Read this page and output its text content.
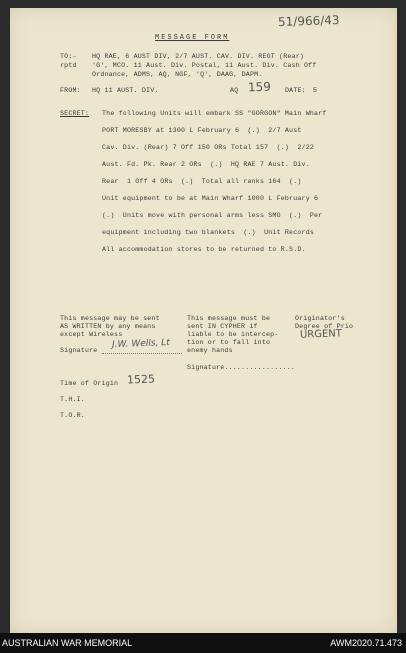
51/966/43
MESSAGE FORM
TO:-
rptd
HQ RAE, 6 AUST DIV, 2/7 AUST. CAV. DIV. REGT (Rear)
'G', MCO. 11 Aust. Div. Postal, 11 Aust. Div. Cash Off
Ordnance, ADMS, AQ, NGF, 'Q', DAAG, DAPM.
FROM: HQ 11 AUST. DIV.	AQ 159 DATE: 5
SECRET: The following Units will embark SS "GORGON" Main Wharf
PORT MORESBY at 1300 L February 6  (.)  2/7 Aust
Cav. Div. (Rear) 7 Off 150 ORs Total 157  (.)  2/22
Aust. Fd. Pk. Rear 2 ORs  (.)  HQ RAE 7 Aust. Div.
Rear  1 Off 4 ORs  (.)  Total all ranks 164  (.)
Unit equipment to be at Main Wharf 1000 L February 6
(.)  Units move with personal arms less SMG  (.)  Per
equipment including two blankets  (.)  Unit Records
All accommodation stores to be returned to R.S.D.
This message may be sent
AS WRITTEN by any means
except Wireless
Signature
J.W. Wells, Lt
This message must be
sent IN CYPHER if
liable to be intercep-
tion or to fall into
enemy hands
Signature.................
Originator's
Degree of Prio
URGENT
Time of Origin 1525
T.H.I.
T.O.R.
AUSTRALIAN WAR MEMORIAL	AWM2020.71.473
